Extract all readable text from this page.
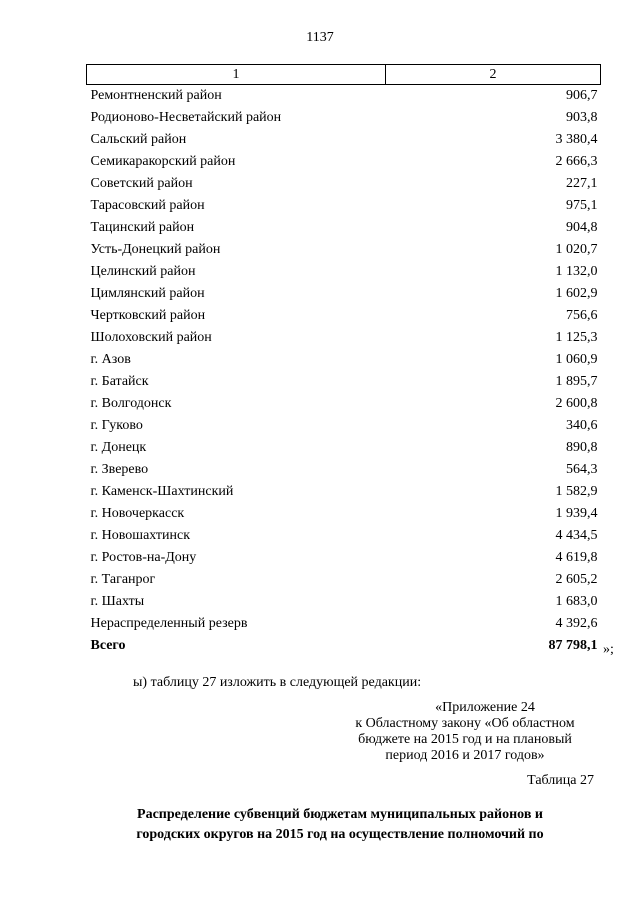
1137
1	2
Ремонтненский район	906,7
Родионово-Несветайский район	903,8
Сальский район	3 380,4
Семикаракорский район	2 666,3
Советский район	227,1
Тарасовский район	975,1
Тацинский район	904,8
Усть-Донецкий район	1 020,7
Целинский район	1 132,0
Цимлянский район	1 602,9
Чертковский район	756,6
Шолоховский район	1 125,3
г. Азов	1 060,9
г. Батайск	1 895,7
г. Волгодонск	2 600,8
г. Гуково	340,6
г. Донецк	890,8
г. Зверево	564,3
г. Каменск-Шахтинский	1 582,9
г. Новочеркасск	1 939,4
г. Новошахтинск	4 434,5
г. Ростов-на-Дону	4 619,8
г. Таганрог	2 605,2
г. Шахты	1 683,0
Нераспределенный резерв	4 392,6
Всего	87 798,1 »;
ы) таблицу 27 изложить в следующей редакции:
«Приложение 24
к Областному закону «Об областном
бюджете на 2015 год и на плановый
период 2016 и 2017 годов»
Таблица 27
Распределение субвенций бюджетам муниципальных районов и
городских округов на 2015 год на осуществление полномочий по
